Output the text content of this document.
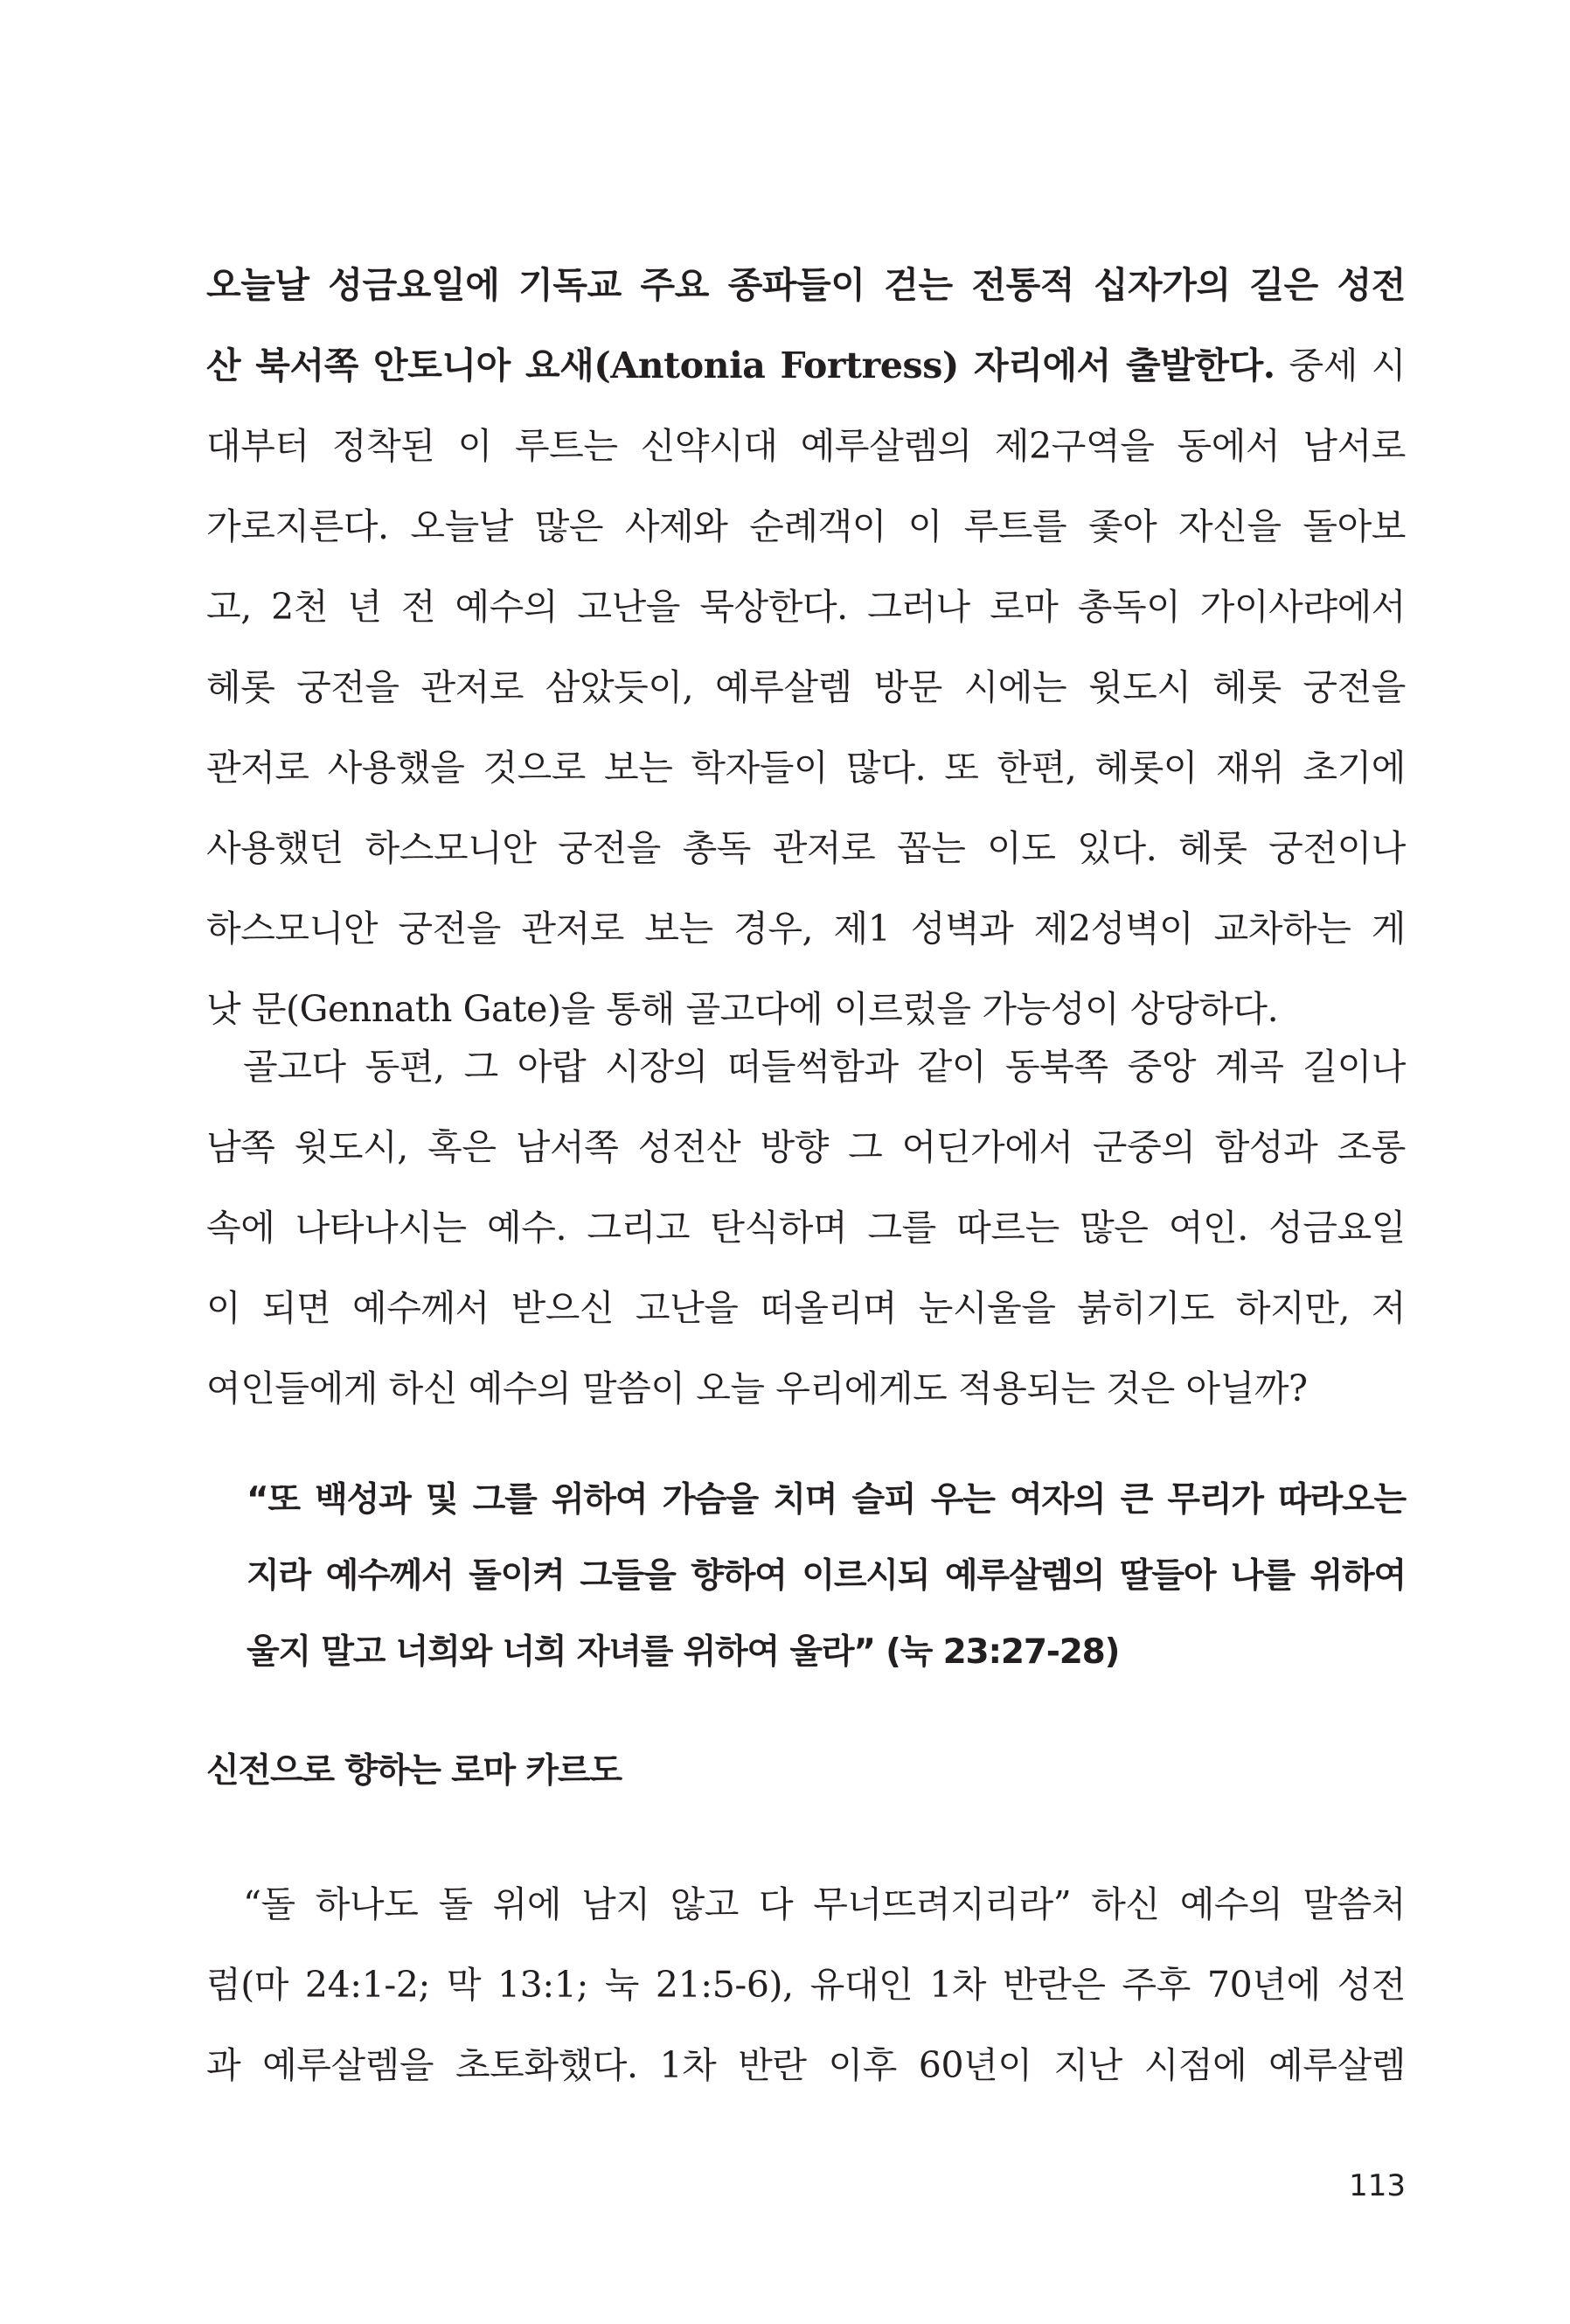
오늘날 성금요일에 기독교 주요 종파들이 걷는 전통적 십자가의 길은 성전
산 북서쪽 안토니아 요새(Antonia Fortress) 자리에서 출발한다. 중세 시
대부터 정착된 이 루트는 신약시대 예루살렘의 제2구역을 동에서 남서로
가로지른다. 오늘날 많은 사제와 순례객이 이 루트를 좇아 자신을 돌아보
고, 2천 년 전 예수의 고난을 묵상한다. 그러나 로마 총독이 가이사랴에서
헤롯 궁전을 관저로 삼았듯이, 예루살렘 방문 시에는 윗도시 헤롯 궁전을
관저로 사용했을 것으로 보는 학자들이 많다. 또 한편, 헤롯이 재위 초기에
사용했던 하스모니안 궁전을 총독 관저로 꼽는 이도 있다. 헤롯 궁전이나
하스모니안 궁전을 관저로 보는 경우, 제1 성벽과 제2성벽이 교차하는 게
낫 문(Gennath Gate)을 통해 골고다에 이르렀을 가능성이 상당하다.
골고다 동편, 그 아랍 시장의 떠들썩함과 같이 동북쪽 중앙 계곡 길이나
남쪽 윗도시, 혹은 남서쪽 성전산 방향 그 어딘가에서 군중의 함성과 조롱
속에 나타나시는 예수. 그리고 탄식하며 그를 따르는 많은 여인. 성금요일
이 되면 예수께서 받으신 고난을 떠올리며 눈시울을 붉히기도 하지만, 저
여인들에게 하신 예수의 말씀이 오늘 우리에게도 적용되는 것은 아닐까?
“또 백성과 및 그를 위하여 가슴을 치며 슬피 우는 여자의 큰 무리가 따라오는
지라 예수께서 돌이켜 그들을 향하여 이르시되 예루살렘의 딸들아 나를 위하여
울지 말고 너희와 너희 자녀를 위하여 울라” (눅 23:27-28)
신전으로 향하는 로마 카르도
“돌 하나도 돌 위에 남지 않고 다 무너뜨려지리라” 하신 예수의 말씀처
럼(마 24:1-2; 막 13:1; 눅 21:5-6), 유대인 1차 반란은 주후 70년에 성전
과 예루살렘을 초토화했다. 1차 반란 이후 60년이 지난 시점에 예루살렘
113
